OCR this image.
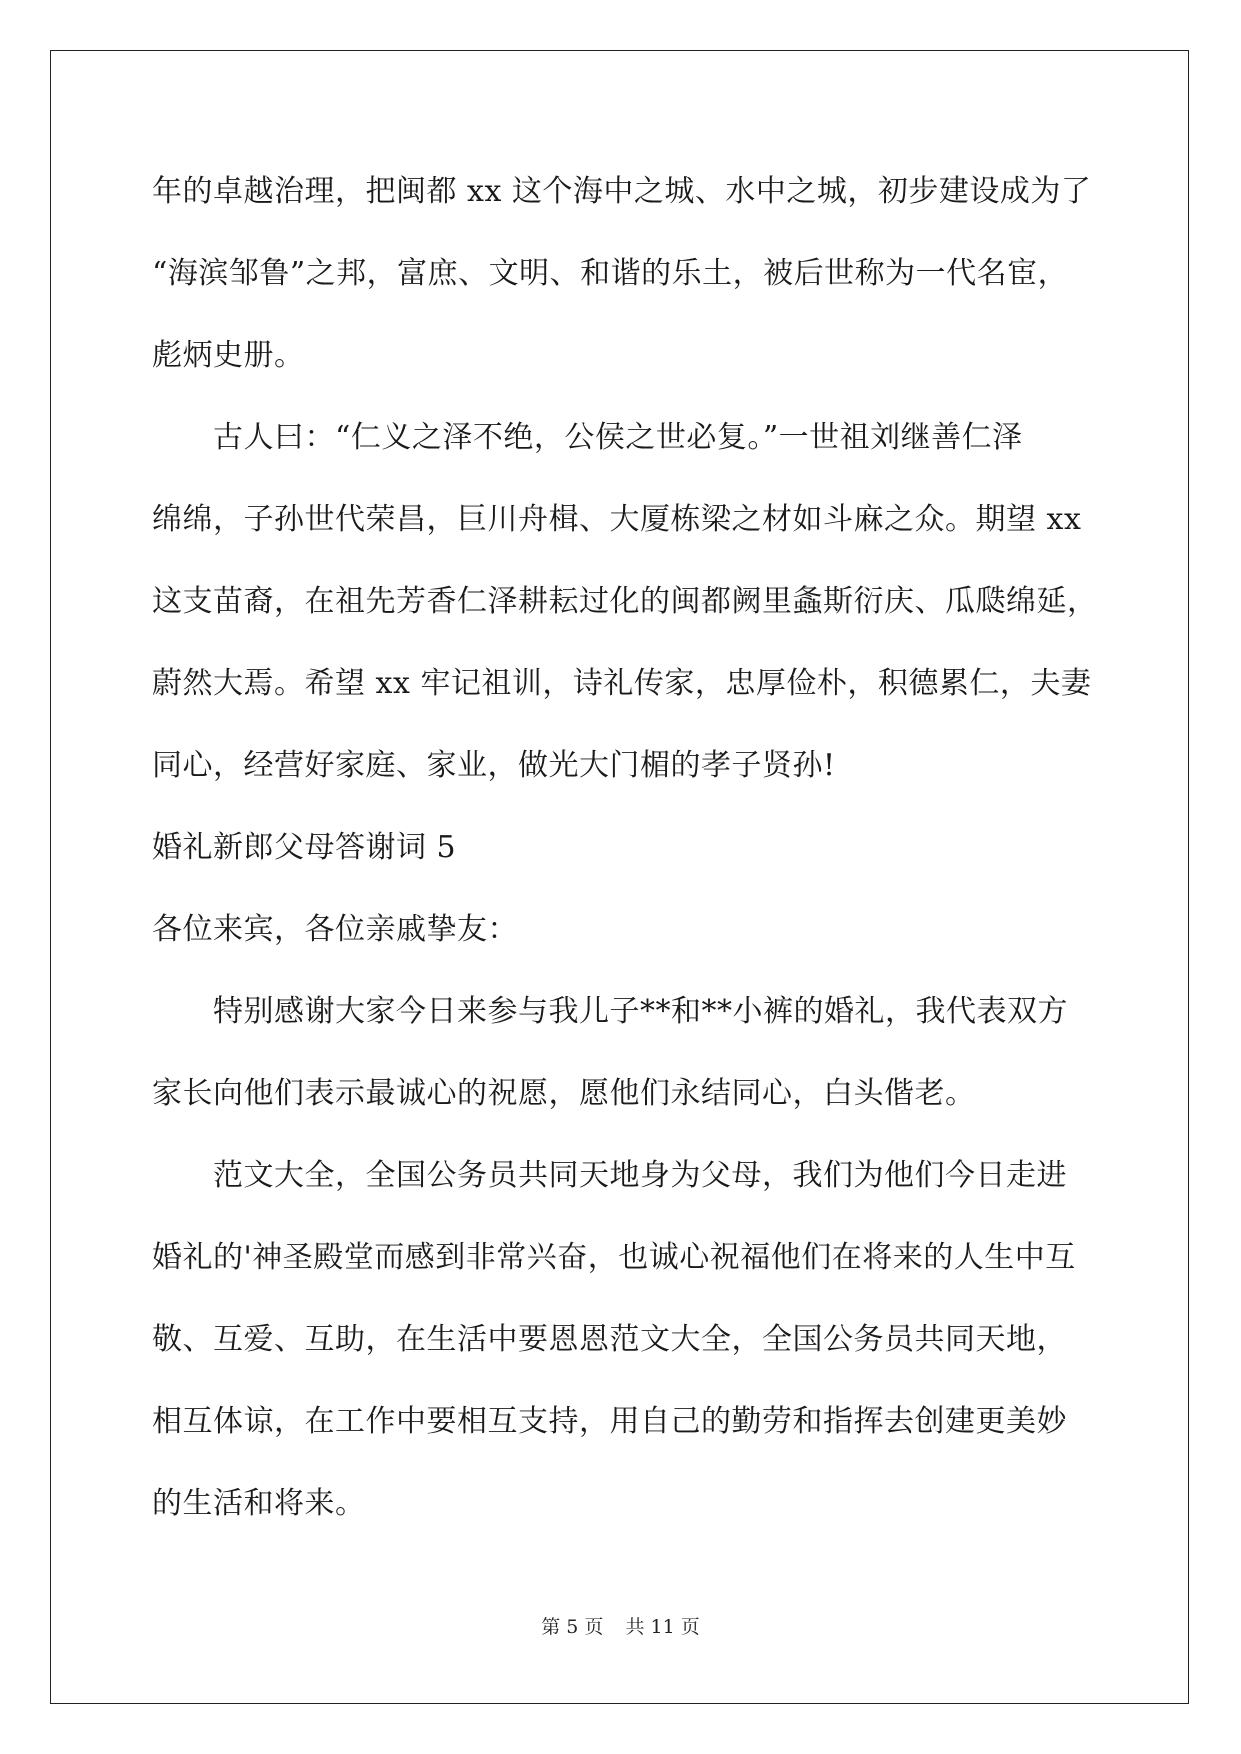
年的卓越治理，把闽都 xx 这个海中之城、水中之城，初步建设成为了
“海滨邹鲁”之邦，富庶、文明、和谐的乐土，被后世称为一代名宦，
彪炳史册。
　　古人曰：“仁义之泽不绝，公侯之世必复。”一世祖刘继善仁泽
绵绵，子孙世代荣昌，巨川舟楫、大厦栋梁之材如斗麻之众。期望 xx
这支苗裔，在祖先芳香仁泽耕耘过化的闽都阙里螽斯衍庆、瓜瓞绵延，
蔚然大焉。希望 xx 牢记祖训，诗礼传家，忠厚俭朴，积德累仁，夫妻
同心，经营好家庭、家业，做光大门楣的孝子贤孙!
婚礼新郎父母答谢词 5
各位来宾，各位亲戚挚友：
　　特别感谢大家今日来参与我儿子**和**小裤的婚礼，我代表双方
家长向他们表示最诚心的祝愿，愿他们永结同心，白头偕老。
　　范文大全，全国公务员共同天地身为父母，我们为他们今日走进
婚礼的'神圣殿堂而感到非常兴奋，也诚心祝福他们在将来的人生中互
敬、互爱、互助，在生活中要恩恩范文大全，全国公务员共同天地，
相互体谅，在工作中要相互支持，用自己的勤劳和指挥去创建更美妙
的生活和将来。
第 5 页 共 11 页
